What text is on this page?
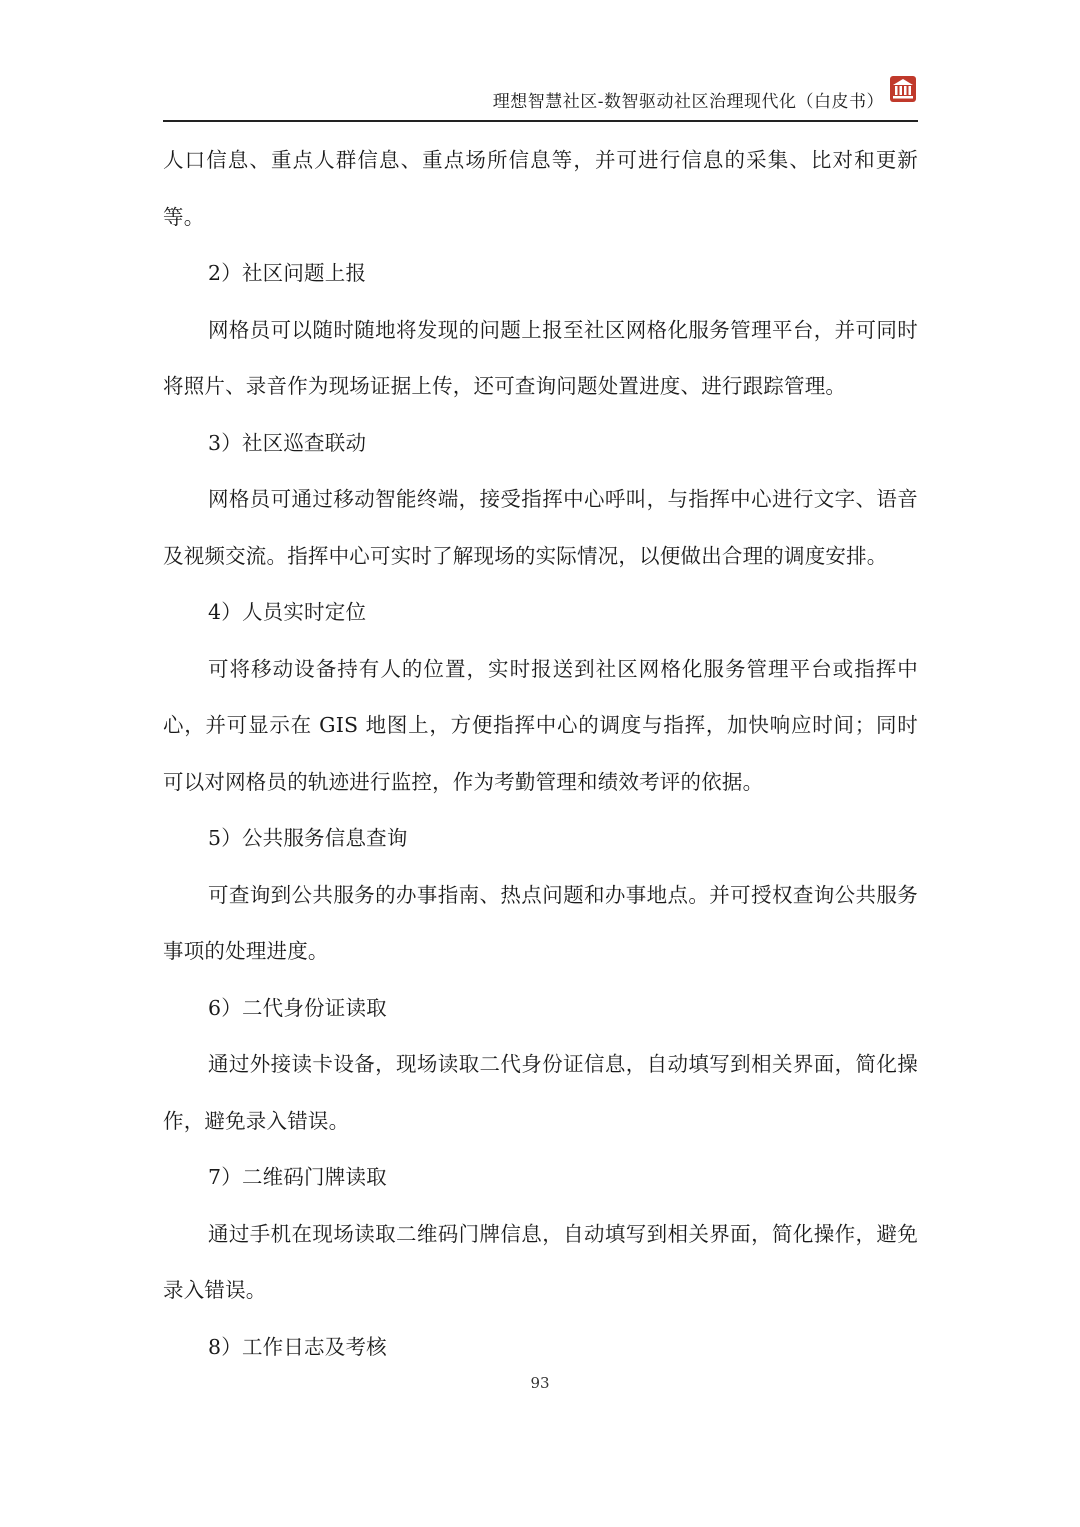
理想智慧社区-数智驱动社区治理现代化（白皮书）

人口信息、重点人群信息、重点场所信息等，并可进行信息的采集、比对和更新等。

2）社区问题上报

网格员可以随时随地将发现的问题上报至社区网格化服务管理平台，并可同时将照片、录音作为现场证据上传，还可查询问题处置进度、进行跟踪管理。

3）社区巡查联动

网格员可通过移动智能终端，接受指挥中心呼叫，与指挥中心进行文字、语音及视频交流。指挥中心可实时了解现场的实际情况，以便做出合理的调度安排。

4）人员实时定位

可将移动设备持有人的位置，实时报送到社区网格化服务管理平台或指挥中心，并可显示在 GIS 地图上，方便指挥中心的调度与指挥，加快响应时间；同时可以对网格员的轨迹进行监控，作为考勤管理和绩效考评的依据。

5）公共服务信息查询

可查询到公共服务的办事指南、热点问题和办事地点。并可授权查询公共服务事项的处理进度。

6）二代身份证读取

通过外接读卡设备，现场读取二代身份证信息，自动填写到相关界面，简化操作，避免录入错误。

7）二维码门牌读取

通过手机在现场读取二维码门牌信息，自动填写到相关界面，简化操作，避免录入错误。

8）工作日志及考核

93
